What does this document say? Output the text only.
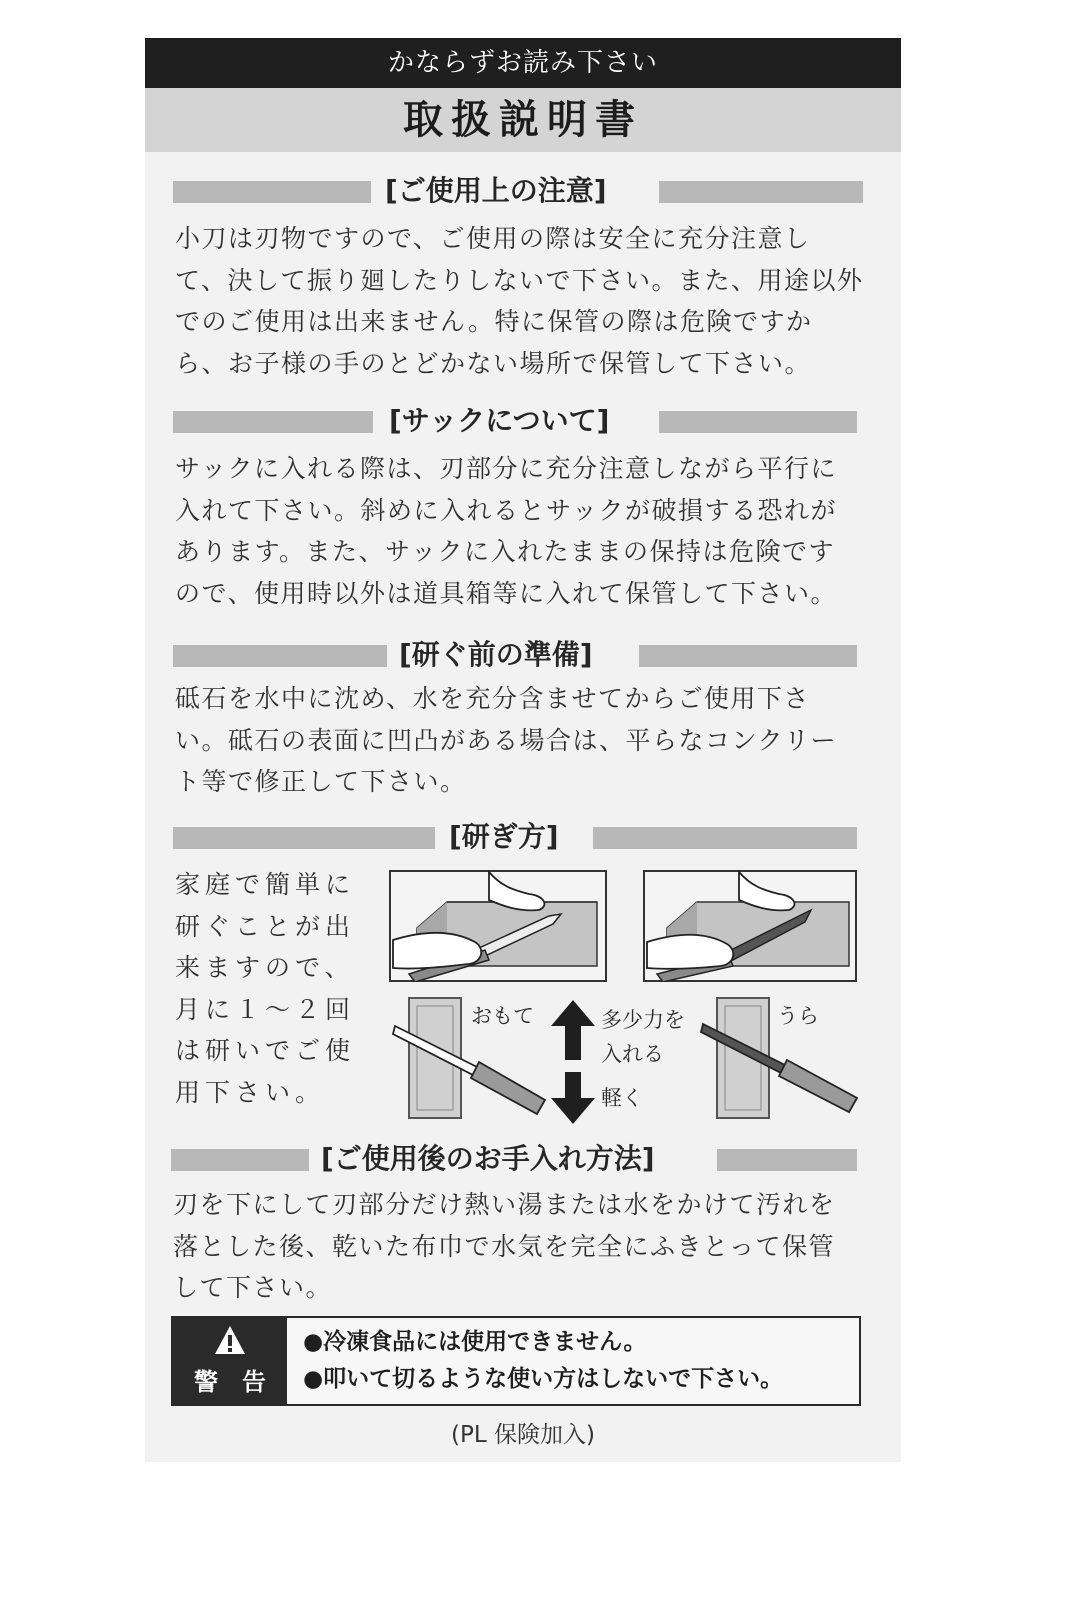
かならずお読み下さい
取扱説明書
[ご使用上の注意]
小刀は刃物ですので、ご使用の際は安全に充分注意し
て、決して振り廻したりしないで下さい。また、用途以外
でのご使用は出来ません。特に保管の際は危険ですか
ら、お子様の手のとどかない場所で保管して下さい。
[サックについて]
サックに入れる際は、刃部分に充分注意しながら平行に
入れて下さい。斜めに入れるとサックが破損する恐れが
あります。また、サックに入れたままの保持は危険です
ので、使用時以外は道具箱等に入れて保管して下さい。
[研ぐ前の準備]
砥石を水中に沈め、水を充分含ませてからご使用下さ
い。砥石の表面に凹凸がある場合は、平らなコンクリー
ト等で修正して下さい。
[研ぎ方]
家庭で簡単に
研ぐことが出
来ますので、
月に１～２回
は研いでご使
用下さい。
おもて	多少力を
入れる
軽く
うら
[ご使用後のお手入れ方法]
刃を下にして刃部分だけ熱い湯または水をかけて汚れを
落とした後、乾いた布巾で水気を完全にふきとって保管
して下さい。
警　告
●冷凍食品には使用できません。
●叩いて切るような使い方はしないで下さい。
(PL 保険加入)
